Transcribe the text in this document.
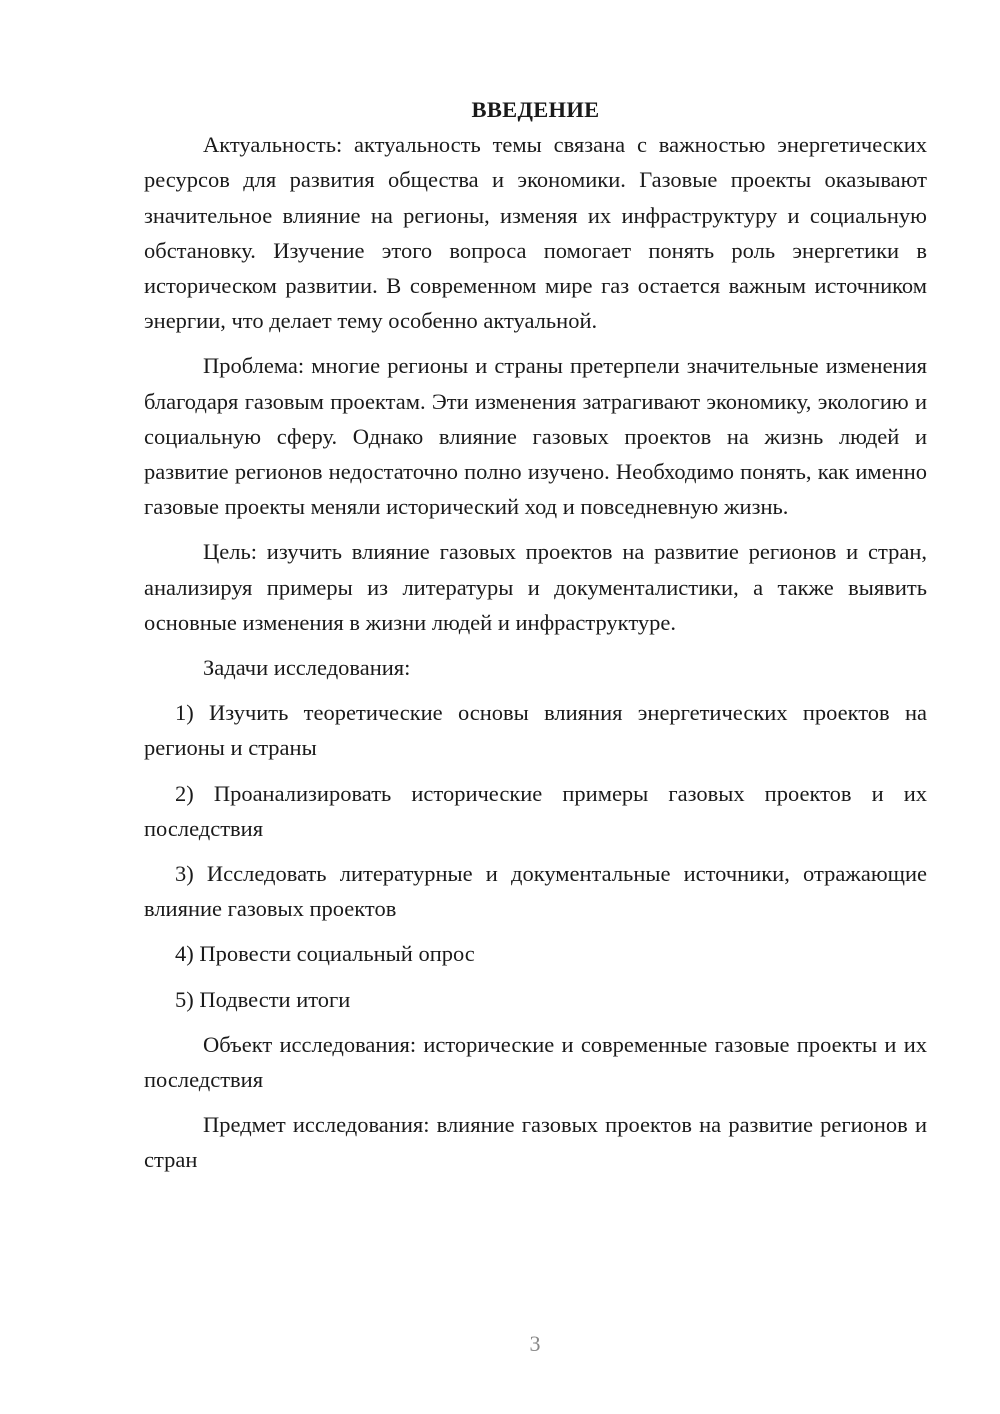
ВВЕДЕНИЕ

Актуальность: актуальность темы связана с важностью энергетических ресурсов для развития общества и экономики. Газовые проекты оказывают значительное влияние на регионы, изменяя их инфраструктуру и социальную обстановку. Изучение этого вопроса помогает понять роль энергетики в историческом развитии. В современном мире газ остается важным источником энергии, что делает тему особенно актуальной.

Проблема: многие регионы и страны претерпели значительные изменения благодаря газовым проектам. Эти изменения затрагивают экономику, экологию и социальную сферу. Однако влияние газовых проектов на жизнь людей и развитие регионов недостаточно полно изучено. Необходимо понять, как именно газовые проекты меняли исторический ход и повседневную жизнь.

Цель: изучить влияние газовых проектов на развитие регионов и стран, анализируя примеры из литературы и документалистики, а также выявить основные изменения в жизни людей и инфраструктуре.

Задачи исследования:

1) Изучить теоретические основы влияния энергетических проектов на регионы и страны

2) Проанализировать исторические примеры газовых проектов и их последствия

3) Исследовать литературные и документальные источники, отражающие влияние газовых проектов

4) Провести социальный опрос

5) Подвести итоги

Объект исследования: исторические и современные газовые проекты и их последствия

Предмет исследования: влияние газовых проектов на развитие регионов и стран

3
